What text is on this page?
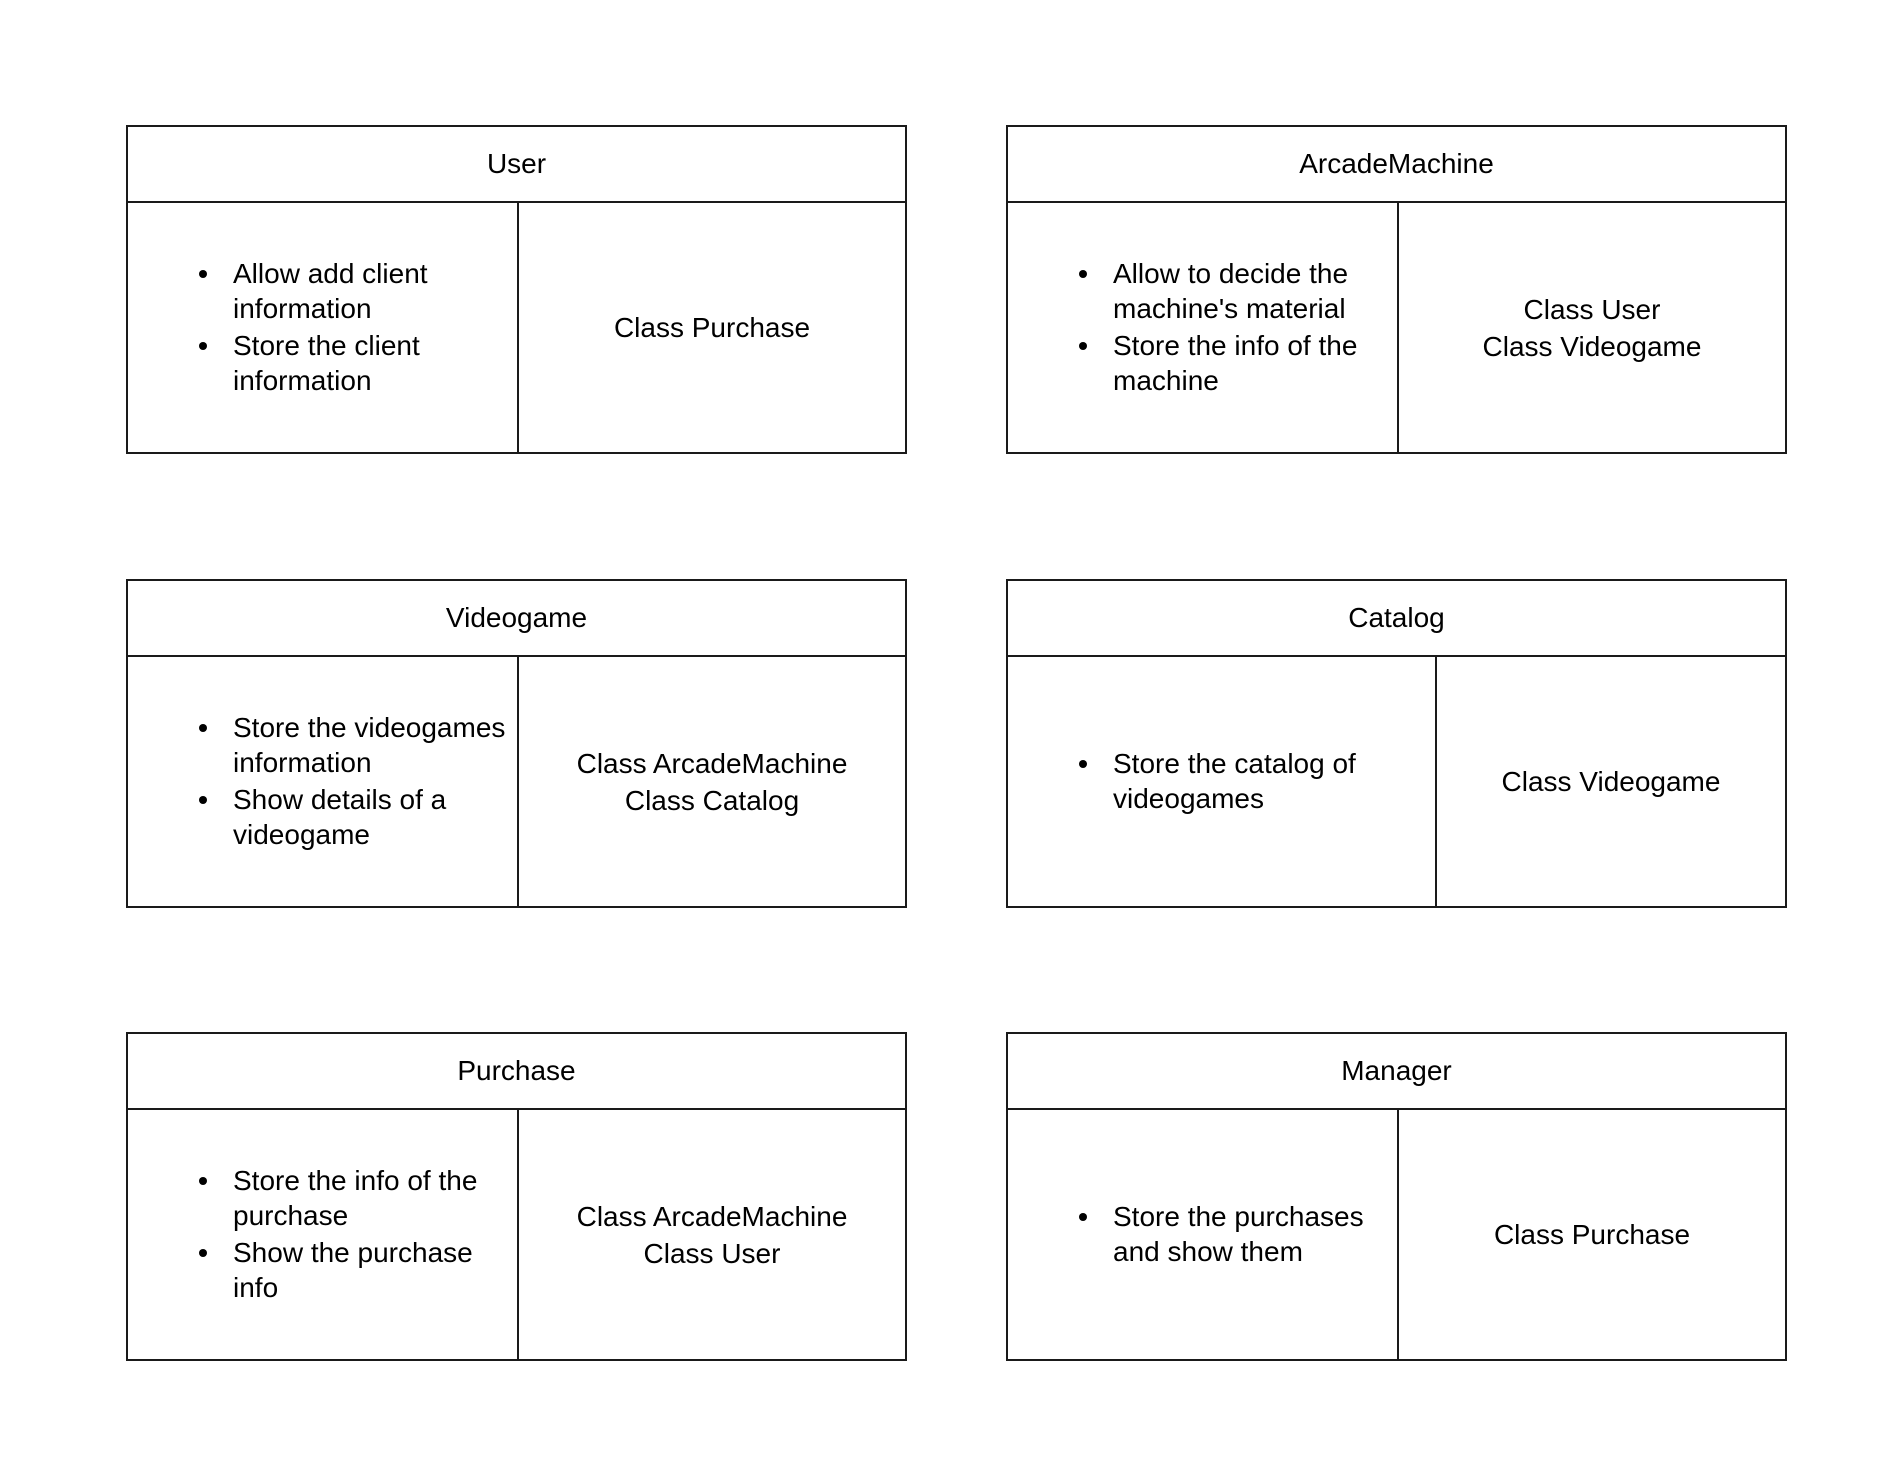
User
Allow add client information
Store the client information
Class Purchase
ArcadeMachine
Allow to decide the machine's material
Store the info of the machine
Class User
Class Videogame
Videogame
Store the videogames information
Show details of a videogame
Class ArcadeMachine
Class Catalog
Catalog
Store the catalog of videogames
Class Videogame
Purchase
Store the info of the purchase
Show the purchase info
Class ArcadeMachine
Class User
Manager
Store the purchases and show them
Class Purchase
